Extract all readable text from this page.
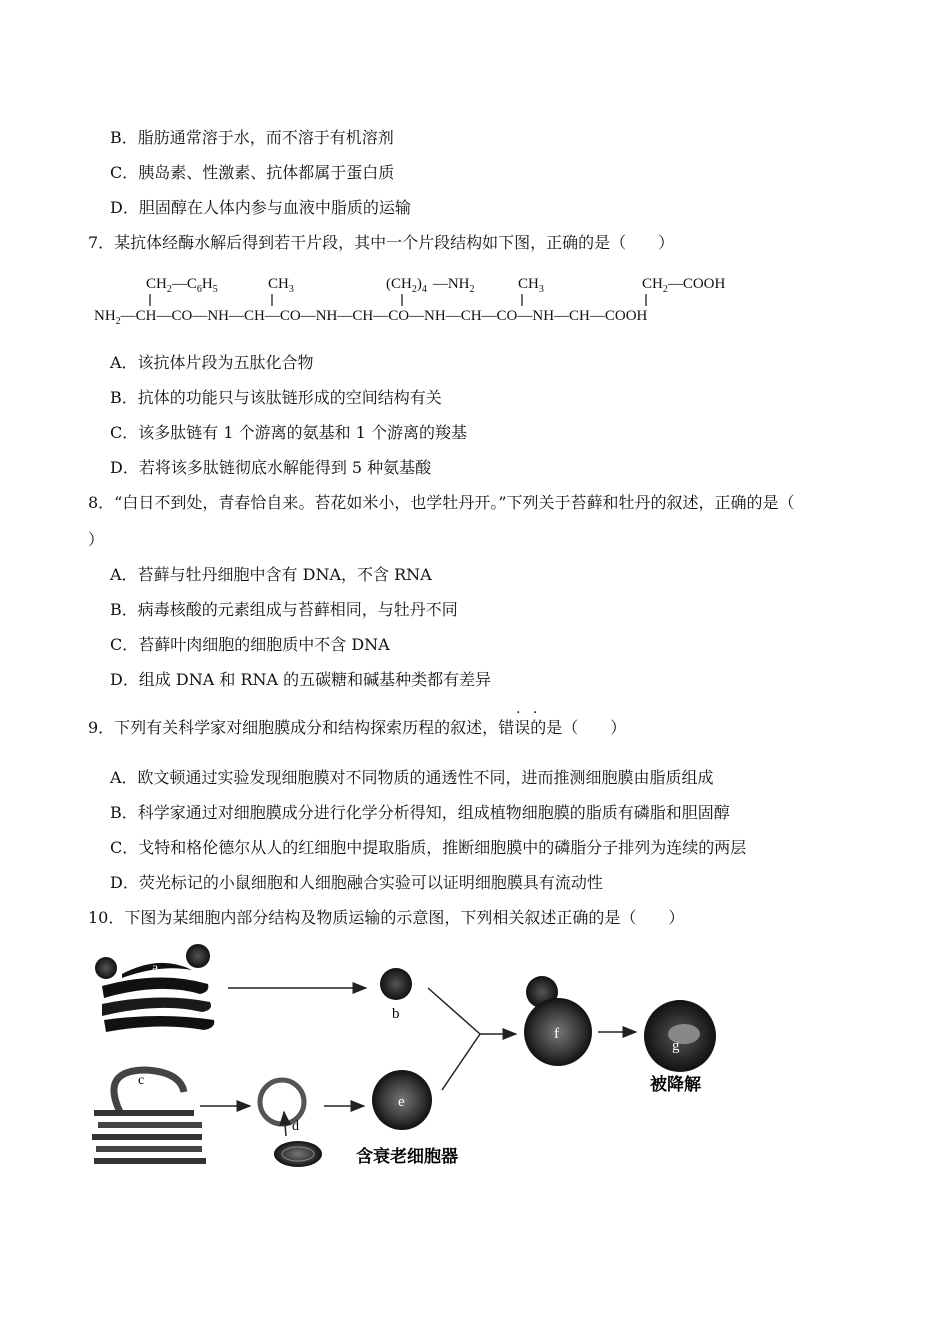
B．脂肪通常溶于水，而不溶于有机溶剂
C．胰岛素、性激素、抗体都属于蛋白质
D．胆固醇在人体内参与血液中脂质的运输
7．某抗体经酶水解后得到若干片段，其中一个片段结构如下图，正确的是（　　）
$CH_2—C_6H_5$	$CH_3$	$(CH_2)_4$ $—NH_2$	$CH_3$	$CH_2—COOH$
$NH_2—CH—CO—NH—CH—CO—NH—CH—CO—NH—CH—CO—NH—CH—COOH$
A．该抗体片段为五肽化合物
B．抗体的功能只与该肽链形成的空间结构有关
C．该多肽链有 1 个游离的氨基和 1 个游离的羧基
D．若将该多肽链彻底水解能得到 5 种氨基酸
8．“白日不到处，青春恰自来。苔花如米小，也学牡丹开。”下列关于苔藓和牡丹的叙述，正确的是（
）
A．苔藓与牡丹细胞中含有 DNA，不含 RNA
B．病毒核酸的元素组成与苔藓相同，与牡丹不同
C．苔藓叶肉细胞的细胞质中不含 DNA
D．组成 DNA 和 RNA 的五碳糖和碱基种类都有差异
9．下列有关科学家对细胞膜成分和结构探索历程的叙述，错误的是（　　）
· ·
A．欧文顿通过实验发现细胞膜对不同物质的通透性不同，进而推测细胞膜由脂质组成
B．科学家通过对细胞膜成分进行化学分析得知，组成植物细胞膜的脂质有磷脂和胆固醇
C．戈特和格伦德尔从人的红细胞中提取脂质，推断细胞膜中的磷脂分子排列为连续的两层
D．荧光标记的小鼠细胞和人细胞融合实验可以证明细胞膜具有流动性
10．下图为某细胞内部分结构及物质运输的示意图，下列相关叙述正确的是（　　）
a
b
c
d
e
含衰老细胞器
f
g
被降解
